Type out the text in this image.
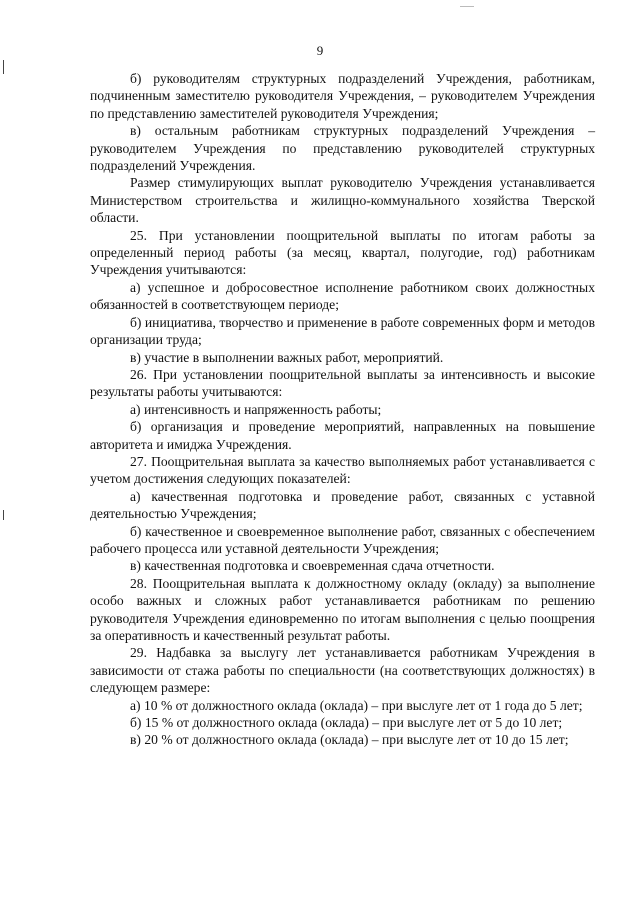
9

б) руководителям структурных подразделений Учреждения, работникам, подчиненным заместителю руководителя Учреждения, – руководителем Учреждения по представлению заместителей руководителя Учреждения;

в) остальным работникам структурных подразделений Учреждения – руководителем Учреждения по представлению руководителей структурных подразделений Учреждения.

Размер стимулирующих выплат руководителю Учреждения устанавливается Министерством строительства и жилищно-коммунального хозяйства Тверской области.

25. При установлении поощрительной выплаты по итогам работы за определенный период работы (за месяц, квартал, полугодие, год) работникам Учреждения учитываются:

а) успешное и добросовестное исполнение работником своих должностных обязанностей в соответствующем периоде;

б) инициатива, творчество и применение в работе современных форм и методов организации труда;

в) участие в выполнении важных работ, мероприятий.

26. При установлении поощрительной выплаты за интенсивность и высокие результаты работы учитываются:

а) интенсивность и напряженность работы;

б) организация и проведение мероприятий, направленных на повышение авторитета и имиджа Учреждения.

27. Поощрительная выплата за качество выполняемых работ устанавливается с учетом достижения следующих показателей:

а) качественная подготовка и проведение работ, связанных с уставной деятельностью Учреждения;

б) качественное и своевременное выполнение работ, связанных с обеспечением рабочего процесса или уставной деятельности Учреждения;

в) качественная подготовка и своевременная сдача отчетности.

28. Поощрительная выплата к должностному окладу (окладу) за выполнение особо важных и сложных работ устанавливается работникам по решению руководителя Учреждения единовременно по итогам выполнения с целью поощрения за оперативность и качественный результат работы.

29. Надбавка за выслугу лет устанавливается работникам Учреждения в зависимости от стажа работы по специальности (на соответствующих должностях) в следующем размере:

а) 10 % от должностного оклада (оклада) – при выслуге лет от 1 года до 5 лет;

б) 15 % от должностного оклада (оклада) – при выслуге лет от 5 до 10 лет;

в) 20 % от должностного оклада (оклада) – при выслуге лет от 10 до 15 лет;
